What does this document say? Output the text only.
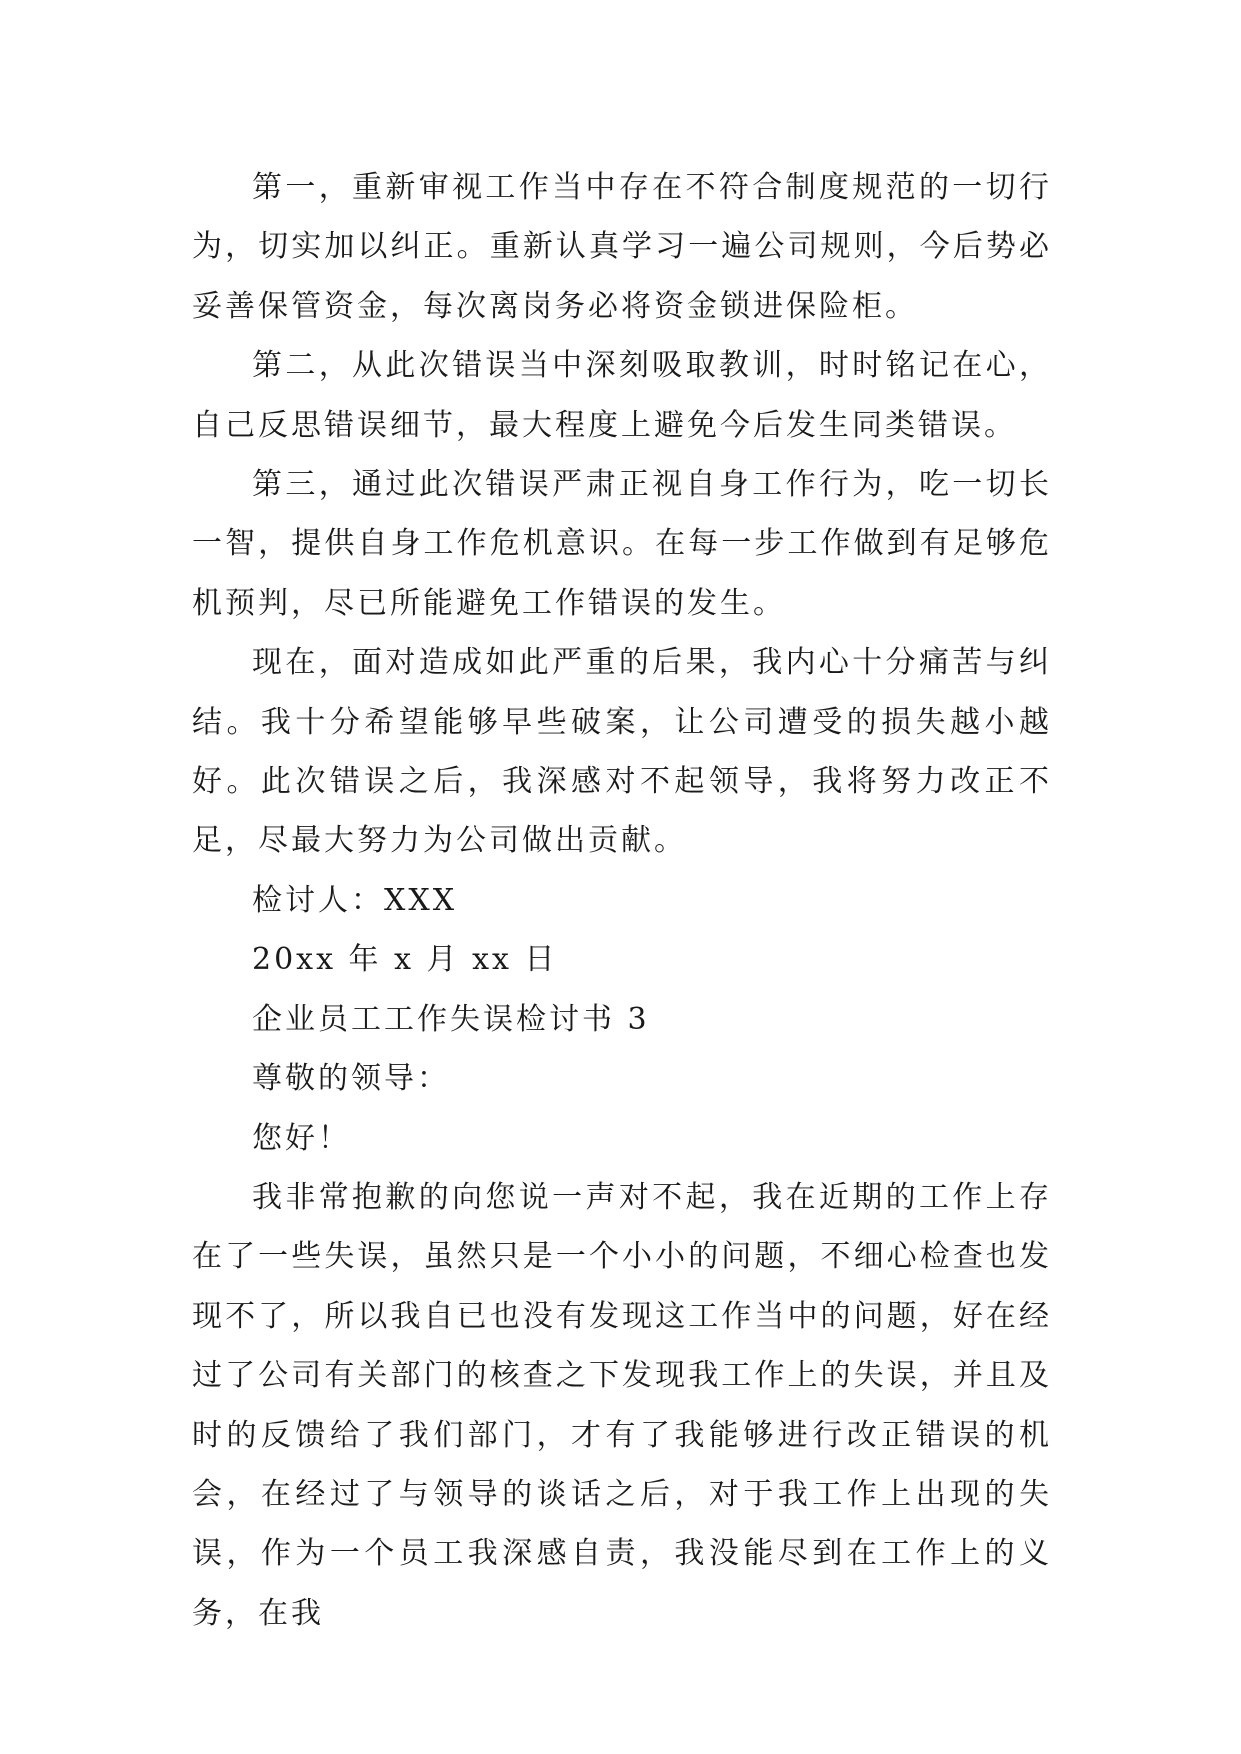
第一，重新审视工作当中存在不符合制度规范的一切行为，切实加以纠正。重新认真学习一遍公司规则，今后势必妥善保管资金，每次离岗务必将资金锁进保险柜。

第二，从此次错误当中深刻吸取教训，时时铭记在心，自己反思错误细节，最大程度上避免今后发生同类错误。

第三，通过此次错误严肃正视自身工作行为，吃一切长一智，提供自身工作危机意识。在每一步工作做到有足够危机预判，尽已所能避免工作错误的发生。

现在，面对造成如此严重的后果，我内心十分痛苦与纠结。我十分希望能够早些破案，让公司遭受的损失越小越好。此次错误之后，我深感对不起领导，我将努力改正不足，尽最大努力为公司做出贡献。

检讨人：XXX

20xx 年 x 月 xx 日

企业员工工作失误检讨书 3

尊敬的领导：

您好！

我非常抱歉的向您说一声对不起，我在近期的工作上存在了一些失误，虽然只是一个小小的问题，不细心检查也发现不了，所以我自已也没有发现这工作当中的问题，好在经过了公司有关部门的核查之下发现我工作上的失误，并且及时的反馈给了我们部门，才有了我能够进行改正错误的机会，在经过了与领导的谈话之后，对于我工作上出现的失误，作为一个员工我深感自责，我没能尽到在工作上的义务，在我
